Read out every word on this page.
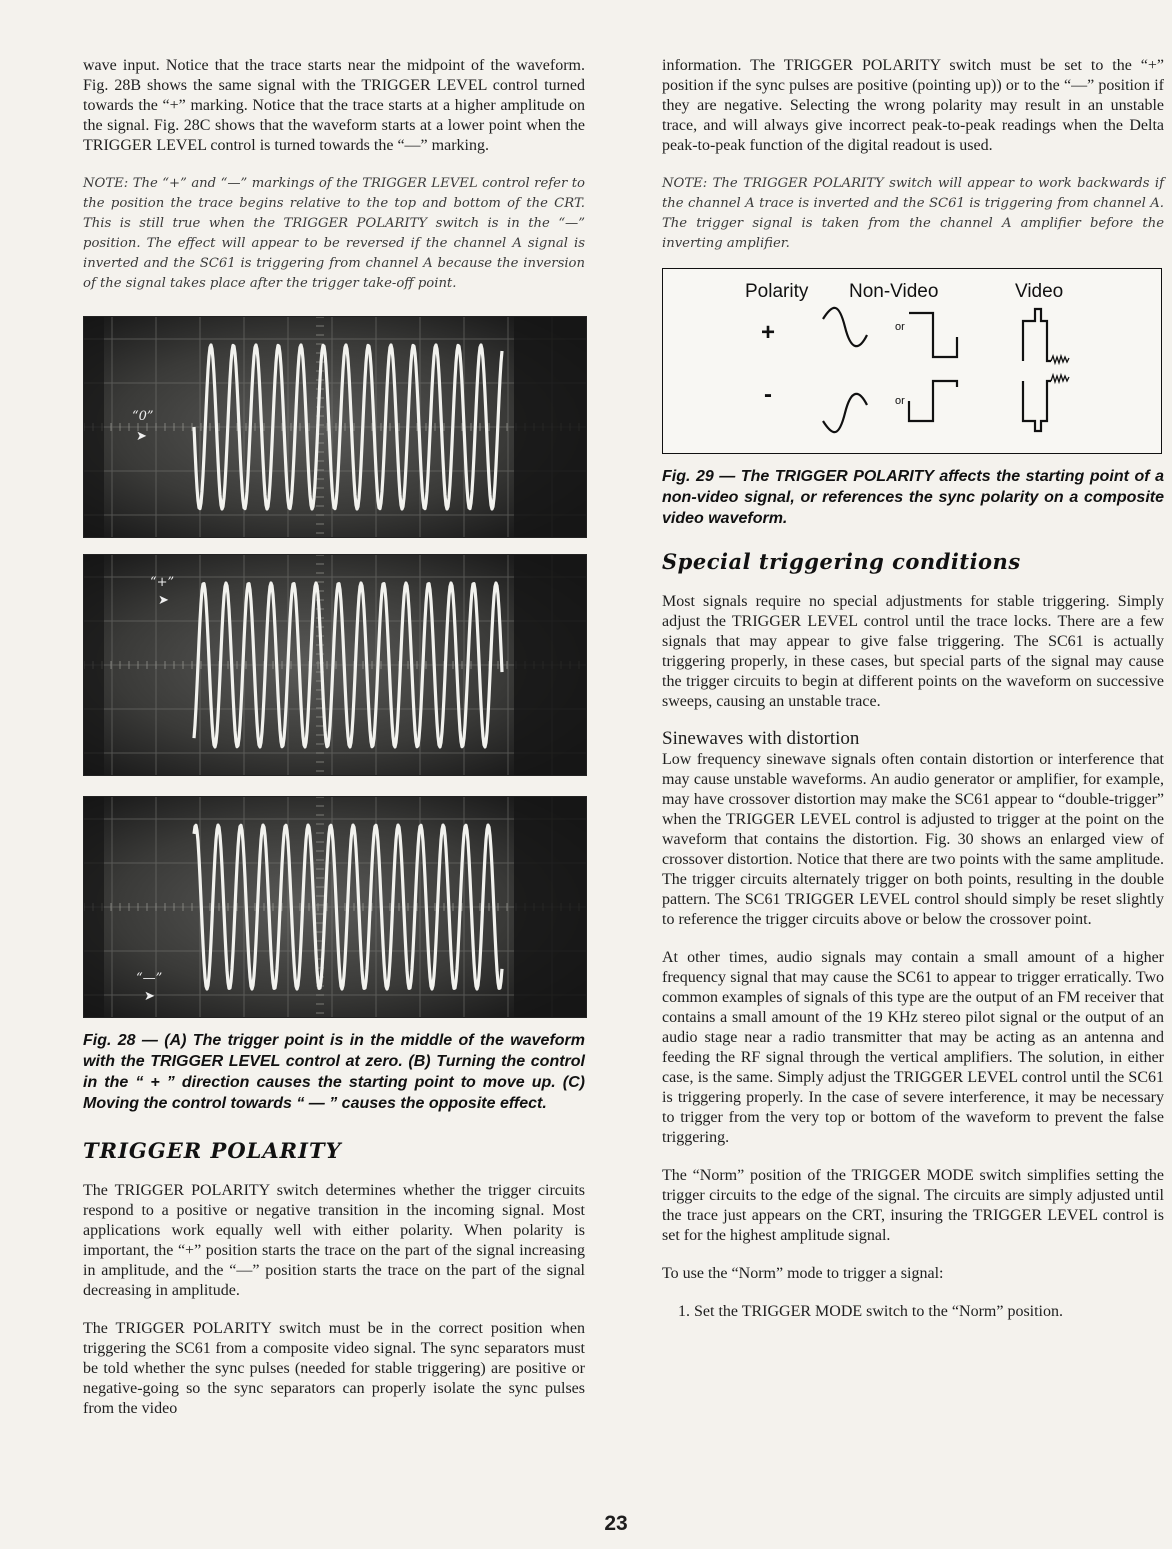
wave input. Notice that the trace starts near the midpoint of the waveform. Fig. 28B shows the same signal with the TRIGGER LEVEL control turned towards the “+” marking. Notice that the trace starts at a higher amplitude on the signal. Fig. 28C shows that the waveform starts at a lower point when the TRIGGER LEVEL control is turned towards the “—” marking.

NOTE: The “+” and “—” markings of the TRIGGER LEVEL control refer to the position the trace begins relative to the top and bottom of the CRT. This is still true when the TRIGGER POLARITY switch is in the “—” position. The effect will appear to be reversed if the channel A signal is inverted and the SC61 is triggering from channel A because the inversion of the signal takes place after the trigger take-off point.

“0”
➤
“+”
➤
“—”
➤

Fig. 28 — (A) The trigger point is in the middle of the waveform with the TRIGGER LEVEL control at zero. (B) Turning the control in the “ + ” direction causes the starting point to move up. (C) Moving the control towards “ — ” causes the opposite effect.

TRIGGER POLARITY

The TRIGGER POLARITY switch determines whether the trigger circuits respond to a positive or negative transition in the incoming signal. Most applications work equally well with either polarity. When polarity is important, the “+” position starts the trace on the part of the signal increasing in amplitude, and the “—” position starts the trace on the part of the signal decreasing in amplitude.

The TRIGGER POLARITY switch must be in the correct position when triggering the SC61 from a composite video signal. The sync separators must be told whether the sync pulses (needed for stable triggering) are positive or negative-going so the sync separators can properly isolate the sync pulses from the video

information. The TRIGGER POLARITY switch must be set to the “+” position if the sync pulses are positive (pointing up)) or to the “—” position if they are negative. Selecting the wrong polarity may result in an unstable trace, and will always give incorrect peak-to-peak readings when the Delta peak-to-peak function of the digital readout is used.

NOTE: The TRIGGER POLARITY switch will appear to work backwards if the channel A trace is inverted and the SC61 is triggering from channel A. The trigger signal is taken from the channel A amplifier before the inverting amplifier.

Polarity Non-Video	Video
+
-
or
or

Fig. 29 — The TRIGGER POLARITY affects the starting point of a non-video signal, or references the sync polarity on a composite video waveform.

Special triggering conditions

Most signals require no special adjustments for stable triggering. Simply adjust the TRIGGER LEVEL control until the trace locks. There are a few signals that may appear to give false triggering. The SC61 is actually triggering properly, in these cases, but special parts of the signal may cause the trigger circuits to begin at different points on the waveform on successive sweeps, causing an unstable trace.

Sinewaves with distortion

Low frequency sinewave signals often contain distortion or interference that may cause unstable waveforms. An audio generator or amplifier, for example, may have crossover distortion may make the SC61 appear to “double-trigger” when the TRIGGER LEVEL control is adjusted to trigger at the point on the waveform that contains the distortion. Fig. 30 shows an enlarged view of crossover distortion. Notice that there are two points with the same amplitude. The trigger circuits alternately trigger on both points, resulting in the double pattern. The SC61 TRIGGER LEVEL control should simply be reset slightly to reference the trigger circuits above or below the crossover point.

At other times, audio signals may contain a small amount of a higher frequency signal that may cause the SC61 to appear to trigger erratically. Two common examples of signals of this type are the output of an FM receiver that contains a small amount of the 19 KHz stereo pilot signal or the output of an audio stage near a radio transmitter that may be acting as an antenna and feeding the RF signal through the vertical amplifiers. The solution, in either case, is the same. Simply adjust the TRIGGER LEVEL control until the SC61 is triggering properly. In the case of severe interference, it may be necessary to trigger from the very top or bottom of the waveform to prevent the false triggering.

The “Norm” position of the TRIGGER MODE switch simplifies setting the trigger circuits to the edge of the signal. The circuits are simply adjusted until the trace just appears on the CRT, insuring the TRIGGER LEVEL control is set for the highest amplitude signal.

To use the “Norm” mode to trigger a signal:

1. Set the TRIGGER MODE switch to the “Norm” position.

23
